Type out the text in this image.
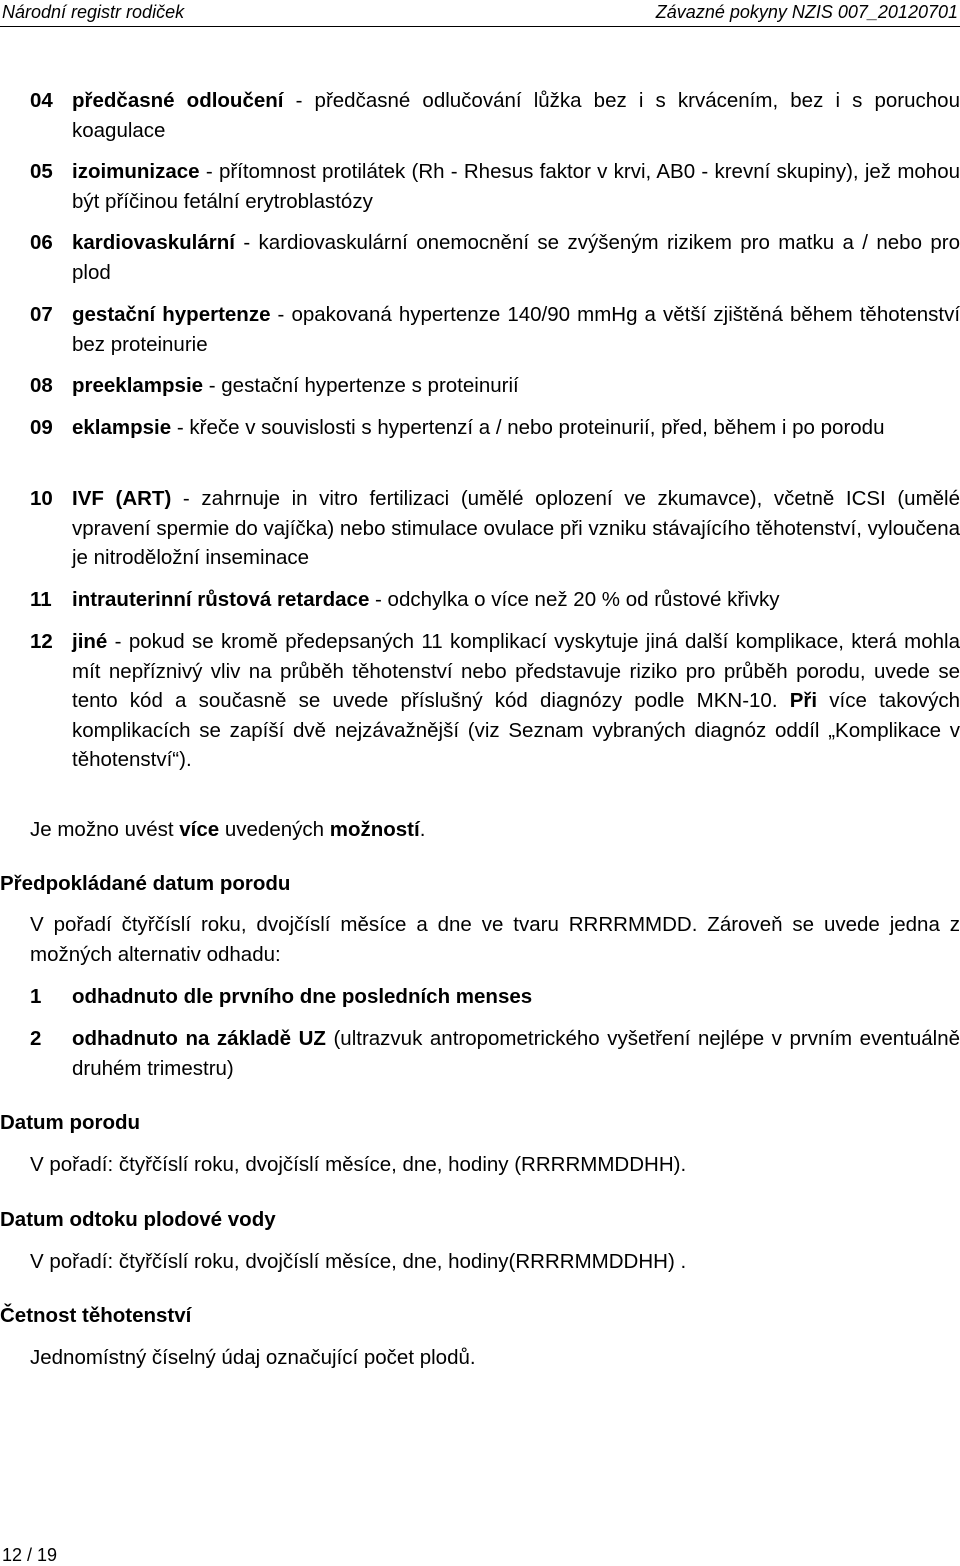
Národní registr rodiček	Závazné pokyny NZIS 007_20120701
04 předčasné odloučení - předčasné odlučování lůžka bez i s krvácením, bez i s poruchou koagulace
05 izoimunizace - přítomnost protilátek (Rh - Rhesus faktor v krvi, AB0 - krevní skupiny), jež mohou být příčinou fetální erytroblastózy
06 kardiovaskulární - kardiovaskulární onemocnění se zvýšeným rizikem pro matku a / nebo pro plod
07 gestační hypertenze - opakovaná hypertenze 140/90 mmHg a větší zjištěná během těhotenství bez proteinurie
08 preeklampsie - gestační hypertenze s proteinurií
09 eklampsie - křeče v souvislosti s hypertenzí a / nebo proteinurií, před, během i po porodu
10 IVF (ART) - zahrnuje in vitro fertilizaci (umělé oplození ve zkumavce), včetně ICSI (umělé vpravení spermie do vajíčka) nebo stimulace ovulace při vzniku stávajícího těhotenství, vyloučena je nitroděložní inseminace
11 intrauterinní růstová retardace - odchylka o více než 20 % od růstové křivky
12 jiné - pokud se kromě předepsaných 11 komplikací vyskytuje jiná další komplikace, která mohla mít nepříznivý vliv na průběh těhotenství nebo představuje riziko pro průběh porodu, uvede se tento kód a současně se uvede příslušný kód diagnózy podle MKN-10. Při více takových komplikacích se zapíší dvě nejzávažnější (viz Seznam vybraných diagnóz oddíl „Komplikace v těhotenství“).
Je možno uvést více uvedených možností.
Předpokládané datum porodu
V pořadí čtyřčíslí roku, dvojčíslí měsíce a dne ve tvaru RRRRMMDD. Zároveň se uvede jedna z možných alternativ odhadu:
1 odhadnuto dle prvního dne posledních menses
2 odhadnuto na základě UZ (ultrazvuk antropometrického vyšetření nejlépe v prvním eventuálně druhém trimestru)
Datum porodu
V pořadí: čtyřčíslí roku, dvojčíslí měsíce, dne, hodiny (RRRRMMDDHH).
Datum odtoku plodové vody
V pořadí: čtyřčíslí roku, dvojčíslí měsíce, dne, hodiny(RRRRMMDDHH) .
Četnost těhotenství
Jednomístný číselný údaj označující počet plodů.
12 / 19
